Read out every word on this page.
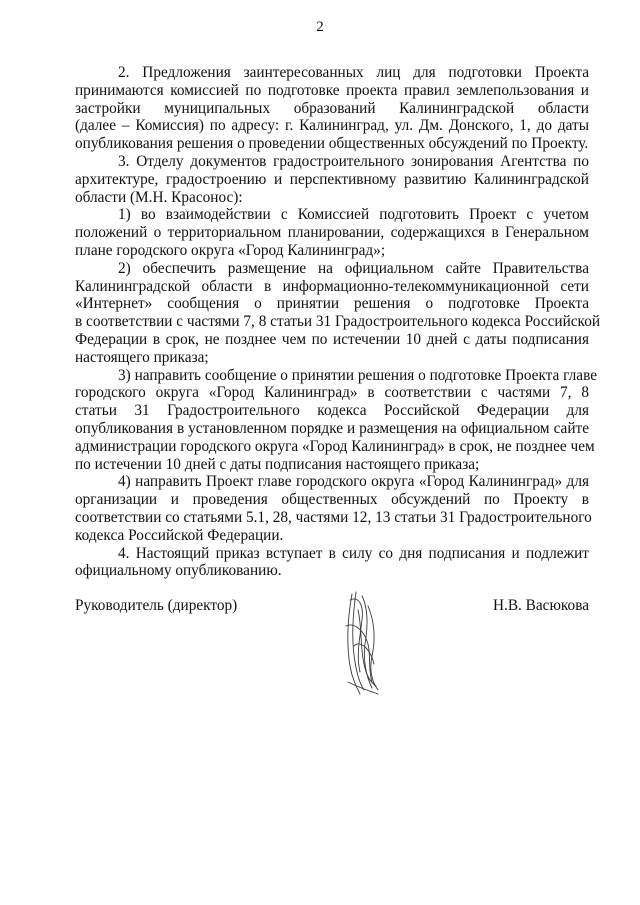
2
2. Предложения заинтересованных лиц для подготовки Проекта
принимаются комиссией по подготовке проекта правил землепользования и
застройки муниципальных образований Калининградской области
(далее – Комиссия) по адресу: г. Калининград, ул. Дм. Донского, 1, до даты
опубликования решения о проведении общественных обсуждений по Проекту.
3. Отделу документов градостроительного зонирования Агентства по
архитектуре, градостроению и перспективному развитию Калининградской
области (М.Н. Красонос):
1) во взаимодействии с Комиссией подготовить Проект с учетом
положений о территориальном планировании, содержащихся в Генеральном
плане городского округа «Город Калининград»;
2) обеспечить размещение на официальном сайте Правительства
Калининградской области в информационно-телекоммуникационной сети
«Интернет» сообщения о принятии решения о подготовке Проекта
в соответствии с частями 7, 8 статьи 31 Градостроительного кодекса Российской
Федерации в срок, не позднее чем по истечении 10 дней с даты подписания
настоящего приказа;
3) направить сообщение о принятии решения о подготовке Проекта главе
городского округа «Город Калининград» в соответствии с частями 7, 8
статьи 31 Градостроительного кодекса Российской Федерации для
опубликования в установленном порядке и размещения на официальном сайте
администрации городского округа «Город Калининград» в срок, не позднее чем
по истечении 10 дней с даты подписания настоящего приказа;
4) направить Проект главе городского округа «Город Калининград» для
организации и проведения общественных обсуждений по Проекту в
соответствии со статьями 5.1, 28, частями 12, 13 статьи 31 Градостроительного
кодекса Российской Федерации.
4. Настоящий приказ вступает в силу со дня подписания и подлежит
официальному опубликованию.
Руководитель (директор)	Н.В. Васюкова
